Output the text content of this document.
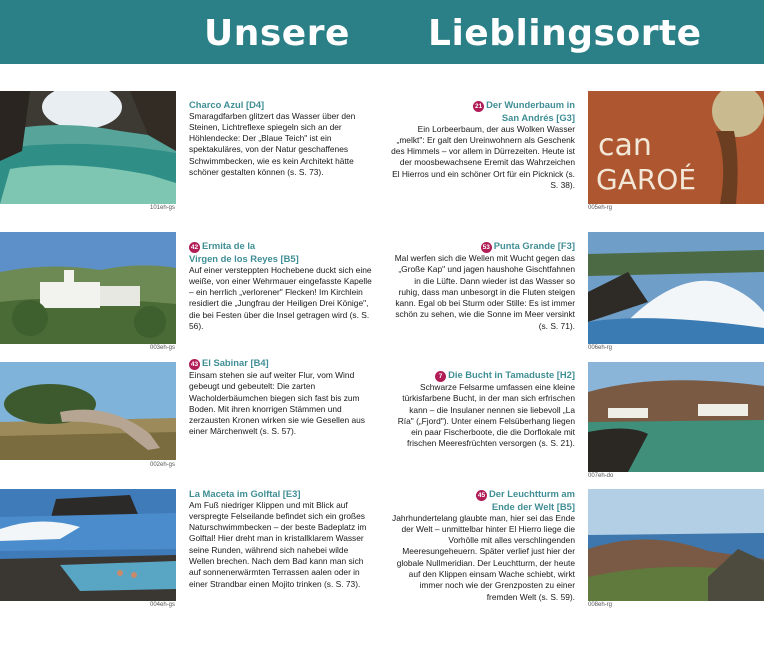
Unsere Lieblingsorte
101eh-gs
003eh-gs
002eh-gs
004eh-gs
Charco Azul [D4]

Smaragdfarben glitzert das Wasser über den Steinen, Lichtreflexe spiegeln sich an der Höhlendecke: Der „Blaue Teich" ist ein spektakuläres, von der Natur geschaffenes Schwimmbecken, wie es kein Architekt hätte schöner gestalten können (s. S. 73).

42 Ermita de la
Virgen de los Reyes [B5]

Auf einer versteppten Hochebene duckt sich eine weiße, von einer Wehrmauer eingefasste Kapelle – ein herrlich „verlorener" Flecken! Im Kirchlein residiert die „Jungfrau der Heiligen Drei Könige", die bei Festen über die Insel getragen wird (s. S. 56).

43 El Sabinar [B4]

Einsam stehen sie auf weiter Flur, vom Wind gebeugt und gebeutelt: Die zarten Wacholderbäumchen biegen sich fast bis zum Boden. Mit ihren knorrigen Stämmen und zerzausten Kronen wirken sie wie Gesellen aus einer Märchenwelt (s. S. 57).

La Maceta im Golftal [E3]

Am Fuß niedriger Klippen und mit Blick auf verspregte Felseilande befindet sich ein großes Naturschwimmbecken – der beste Badeplatz im Golftal! Hier dreht man in kristallklarem Wasser seine Runden, während sich nahebei wilde Wellen brechen. Nach dem Bad kann man sich auf sonnenerwärmten Terrassen aalen oder in einer Strandbar einen Mojito trinken (s. S. 73).

21 Der Wunderbaum in
San Andrés [G3]

Ein Lorbeerbaum, der aus Wolken Wasser „melkt": Er galt den Ureinwohnern als Geschenk des Himmels – vor allem in Dürrezeiten. Heute ist der moosbewachsene Eremit das Wahrzeichen El Hierros und ein schöner Ort für ein Picknick (s. S. 38).

53 Punta Grande [F3]

Mal werfen sich die Wellen mit Wucht gegen das „Große Kap" und jagen haushohe Gischtfahnen in die Lüfte. Dann wieder ist das Wasser so ruhig, dass man unbesorgt in die Fluten steigen kann. Egal ob bei Sturm oder Stille: Es ist immer schön zu sehen, wie die Sonne im Meer versinkt (s. S. 71).

7 Die Bucht in Tamaduste [H2]

Schwarze Felsarme umfassen eine kleine türkisfarbene Bucht, in der man sich erfrischen kann – die Insulaner nennen sie liebevoll „La Ría" („Fjord"). Unter einem Felsüberhang liegen ein paar Fischerboote, die die Dorflokale mit frischen Meeresfrüchten versorgen (s. S. 21).

45 Der Leuchtturm am
Ende der Welt [B5]

Jahrhundertelang glaubte man, hier sei das Ende der Welt – unmittelbar hinter El Hierro liege die Vorhölle mit alles verschlingenden Meeresungeheuern. Später verlief just hier der globale Nullmeridian. Der Leuchtturm, der heute auf den Klippen einsam Wache schiebt, wirkt immer noch wie der Grenzposten zu einer fremden Welt (s. S. 59).

can
GAROÉ
005eh-rg
006eh-rg
007eh-do
008eh-rg
